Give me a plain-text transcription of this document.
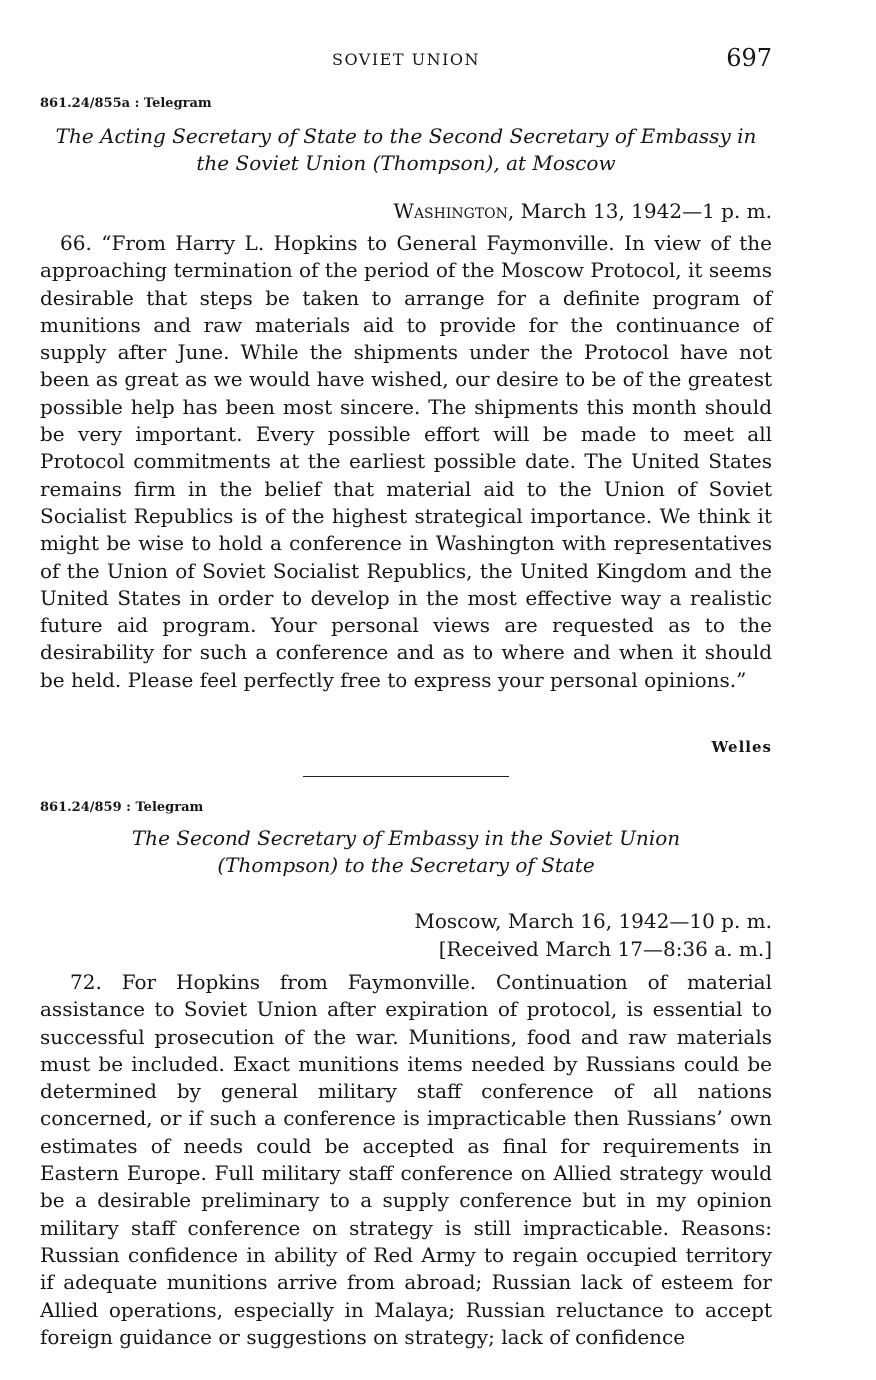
SOVIET UNION	697
861.24/855a : Telegram
The Acting Secretary of State to the Second Secretary of Embassy in
the Soviet Union (Thompson), at Moscow
Washington, March 13, 1942—1 p. m.
66. “From Harry L. Hopkins to General Faymonville. In view of the approaching termination of the period of the Moscow Protocol, it seems desirable that steps be taken to arrange for a definite program of munitions and raw materials aid to provide for the continuance of supply after June. While the shipments under the Protocol have not been as great as we would have wished, our desire to be of the greatest possible help has been most sincere. The shipments this month should be very important. Every possible effort will be made to meet all Protocol commitments at the earliest possible date. The United States remains firm in the belief that material aid to the Union of Soviet Socialist Republics is of the highest strategical importance. We think it might be wise to hold a conference in Washington with representatives of the Union of Soviet Socialist Republics, the United Kingdom and the United States in order to develop in the most effective way a realistic future aid program. Your personal views are requested as to the desirability for such a conference and as to where and when it should be held. Please feel perfectly free to express your personal opinions.”
Welles
861.24/859 : Telegram
The Second Secretary of Embassy in the Soviet Union
(Thompson) to the Secretary of State
Moscow, March 16, 1942—10 p. m.
[Received March 17—8:36 a. m.]
72. For Hopkins from Faymonville. Continuation of material assistance to Soviet Union after expiration of protocol, is essential to successful prosecution of the war. Munitions, food and raw materials must be included. Exact munitions items needed by Russians could be determined by general military staff conference of all nations concerned, or if such a conference is impracticable then Russians’ own estimates of needs could be accepted as final for requirements in Eastern Europe. Full military staff conference on Allied strategy would be a desirable preliminary to a supply conference but in my opinion military staff conference on strategy is still impracticable. Reasons: Russian confidence in ability of Red Army to regain occupied territory if adequate munitions arrive from abroad; Russian lack of esteem for Allied operations, especially in Malaya; Russian reluctance to accept foreign guidance or suggestions on strategy; lack of confidence
